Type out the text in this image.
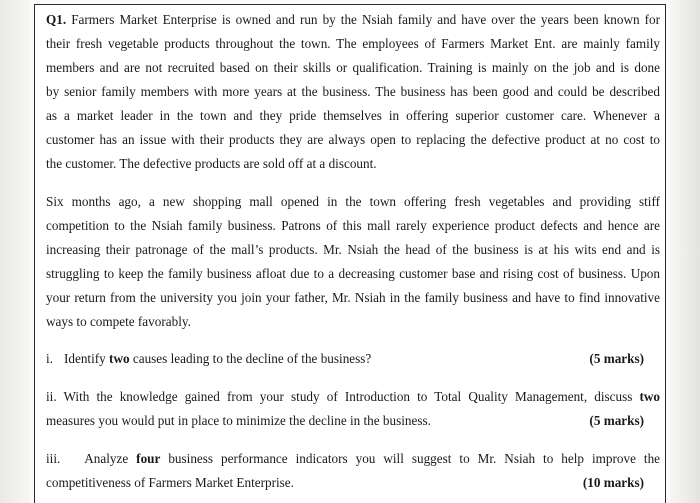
Q1. Farmers Market Enterprise is owned and run by the Nsiah family and have over the years been known for
their fresh vegetable products throughout the town. The employees of Farmers Market Ent. are mainly family
members and are not recruited based on their skills or qualification. Training is mainly on the job and is done
by senior family members with more years at the business. The business has been good and could be described
as a market leader in the town and they pride themselves in offering superior customer care. Whenever a
customer has an issue with their products they are always open to replacing the defective product at no cost to
the customer. The defective products are sold off at a discount.
Six months ago, a new shopping mall opened in the town offering fresh vegetables and providing stiff
competition to the Nsiah family business. Patrons of this mall rarely experience product defects and hence are
increasing their patronage of the mall’s products. Mr. Nsiah the head of the business is at his wits end and is
struggling to keep the family business afloat due to a decreasing customer base and rising cost of business. Upon
your return from the university you join your father, Mr. Nsiah in the family business and have to find innovative
ways to compete favorably.
i. Identify two causes leading to the decline of the business?	(5 marks)
ii. With the knowledge gained from your study of Introduction to Total Quality Management, discuss two
measures you would put in place to minimize the decline in the business.	(5 marks)
iii. Analyze four business performance indicators you will suggest to Mr. Nsiah to help improve the
competitiveness of Farmers Market Enterprise.	(10 marks)
